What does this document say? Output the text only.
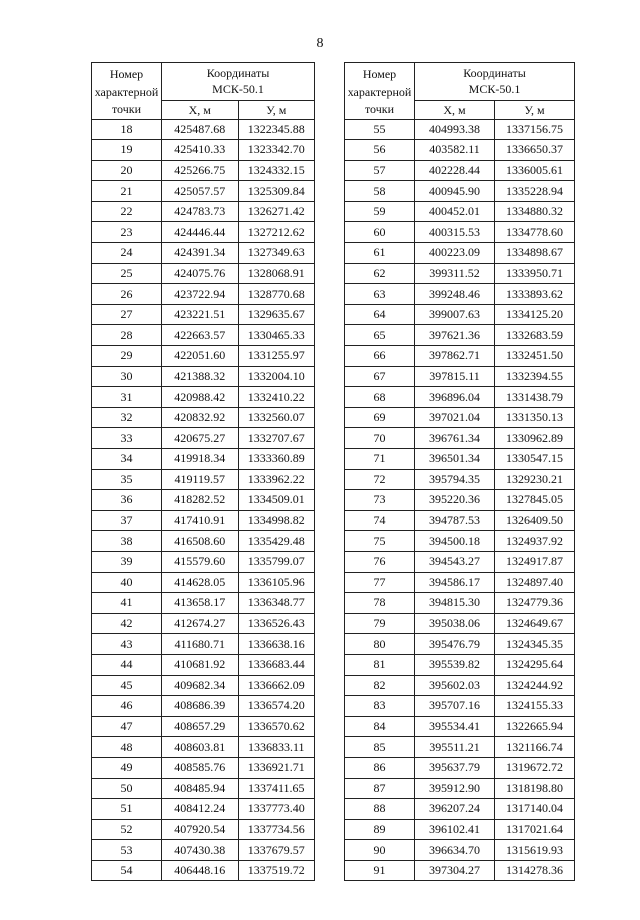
8
Номер	Координаты
МСК-50.1	

характерной		
точки	X, м	У, м
18	425487.68	1322345.88
19	425410.33	1323342.70
20	425266.75	1324332.15
21	425057.57	1325309.84
22	424783.73	1326271.42
23	424446.44	1327212.62
24	424391.34	1327349.63
25	424075.76	1328068.91
26	423722.94	1328770.68
27	423221.51	1329635.67
28	422663.57	1330465.33
29	422051.60	1331255.97
30	421388.32	1332004.10
31	420988.42	1332410.22
32	420832.92	1332560.07
33	420675.27	1332707.67
34	419918.34	1333360.89
35	419119.57	1333962.22
36	418282.52	1334509.01
37	417410.91	1334998.82
38	416508.60	1335429.48
39	415579.60	1335799.07
40	414628.05	1336105.96
41	413658.17	1336348.77
42	412674.27	1336526.43
43	411680.71	1336638.16
44	410681.92	1336683.44
45	409682.34	1336662.09
46	408686.39	1336574.20
47	408657.29	1336570.62
48	408603.81	1336833.11
49	408585.76	1336921.71
50	408485.94	1337411.65
51	408412.24	1337773.40
52	407920.54	1337734.56
53	407430.38	1337679.57
54	406448.16	1337519.72
Номер	Координаты
МСК-50.1	

характерной		
точки	X, м	У, м
55	404993.38	1337156.75
56	403582.11	1336650.37
57	402228.44	1336005.61
58	400945.90	1335228.94
59	400452.01	1334880.32
60	400315.53	1334778.60
61	400223.09	1334898.67
62	399311.52	1333950.71
63	399248.46	1333893.62
64	399007.63	1334125.20
65	397621.36	1332683.59
66	397862.71	1332451.50
67	397815.11	1332394.55
68	396896.04	1331438.79
69	397021.04	1331350.13
70	396761.34	1330962.89
71	396501.34	1330547.15
72	395794.35	1329230.21
73	395220.36	1327845.05
74	394787.53	1326409.50
75	394500.18	1324937.92
76	394543.27	1324917.87
77	394586.17	1324897.40
78	394815.30	1324779.36
79	395038.06	1324649.67
80	395476.79	1324345.35
81	395539.82	1324295.64
82	395602.03	1324244.92
83	395707.16	1324155.33
84	395534.41	1322665.94
85	395511.21	1321166.74
86	395637.79	1319672.72
87	395912.90	1318198.80
88	396207.24	1317140.04
89	396102.41	1317021.64
90	396634.70	1315619.93
91	397304.27	1314278.36
